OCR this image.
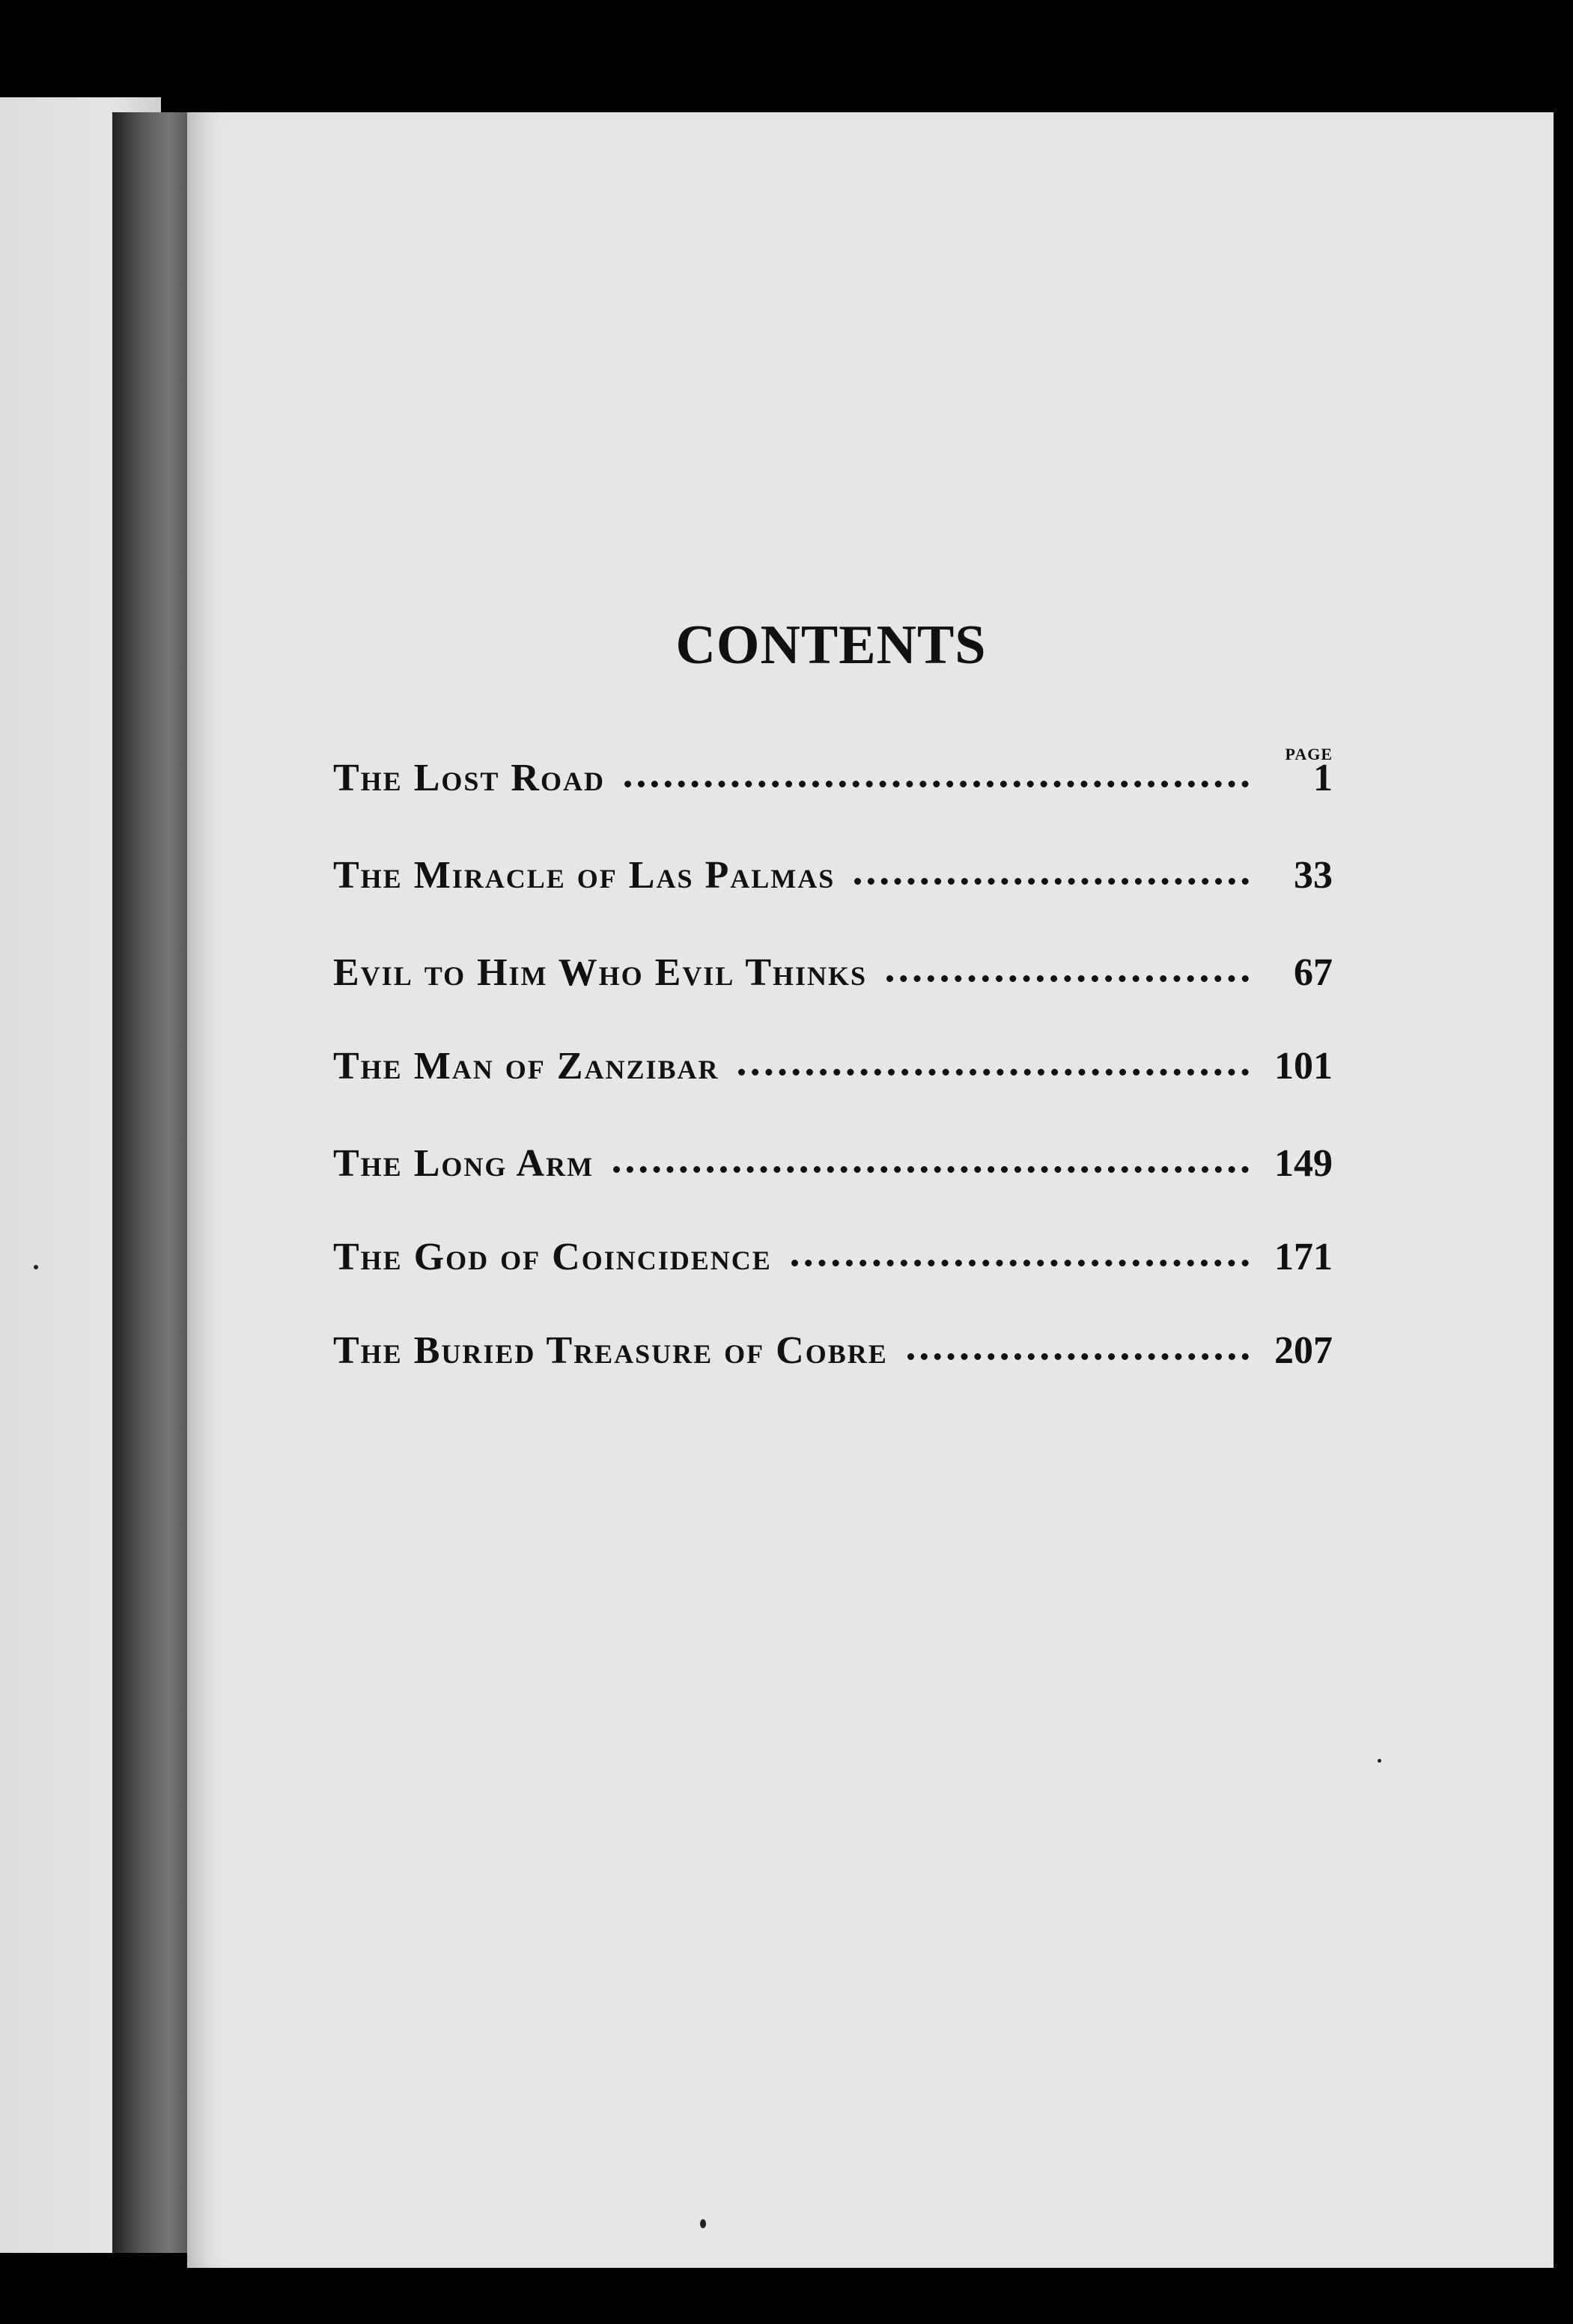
CONTENTS
PAGE
The Lost Road	1
The Miracle of Las Palmas	33
Evil to Him Who Evil Thinks	67
The Man of Zanzibar	101
The Long Arm	149
The God of Coincidence	171
The Buried Treasure of Cobre	207
